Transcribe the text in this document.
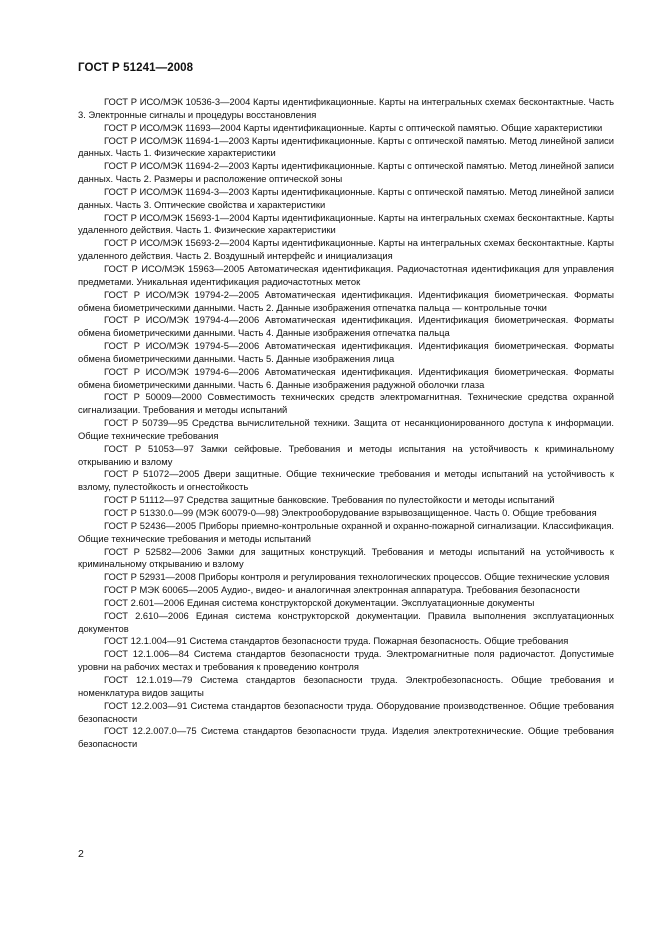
ГОСТ Р 51241—2008

ГОСТ Р ИСО/МЭК 10536-3—2004 Карты идентификационные. Карты на интегральных схемах бесконтактные. Часть 3. Электронные сигналы и процедуры восстановления

ГОСТ Р ИСО/МЭК 11693—2004 Карты идентификационные. Карты с оптической памятью. Общие характеристики

ГОСТ Р ИСО/МЭК 11694-1—2003 Карты идентификационные. Карты с оптической памятью. Метод линейной записи данных. Часть 1. Физические характеристики

ГОСТ Р ИСО/МЭК 11694-2—2003 Карты идентификационные. Карты с оптической памятью. Метод линейной записи данных. Часть 2. Размеры и расположение оптической зоны

ГОСТ Р ИСО/МЭК 11694-3—2003 Карты идентификационные. Карты с оптической памятью. Метод линейной записи данных. Часть 3. Оптические свойства и характеристики

ГОСТ Р ИСО/МЭК 15693-1—2004 Карты идентификационные. Карты на интегральных схемах бесконтактные. Карты удаленного действия. Часть 1. Физические характеристики

ГОСТ Р ИСО/МЭК 15693-2—2004 Карты идентификационные. Карты на интегральных схемах бесконтактные. Карты удаленного действия. Часть 2. Воздушный интерфейс и инициализация

ГОСТ Р ИСО/МЭК 15963—2005 Автоматическая идентификация. Радиочастотная идентификация для управления предметами. Уникальная идентификация радиочастотных меток

ГОСТ Р ИСО/МЭК 19794-2—2005 Автоматическая идентификация. Идентификация биометрическая. Форматы обмена биометрическими данными. Часть 2. Данные изображения отпечатка пальца — контрольные точки

ГОСТ Р ИСО/МЭК 19794-4—2006 Автоматическая идентификация. Идентификация биометрическая. Форматы обмена биометрическими данными. Часть 4. Данные изображения отпечатка пальца

ГОСТ Р ИСО/МЭК 19794-5—2006 Автоматическая идентификация. Идентификация биометрическая. Форматы обмена биометрическими данными. Часть 5. Данные изображения лица

ГОСТ Р ИСО/МЭК 19794-6—2006 Автоматическая идентификация. Идентификация биометрическая. Форматы обмена биометрическими данными. Часть 6. Данные изображения радужной оболочки глаза

ГОСТ Р 50009—2000 Совместимость технических средств электромагнитная. Технические средства охранной сигнализации. Требования и методы испытаний

ГОСТ Р 50739—95 Средства вычислительной техники. Защита от несанкционированного доступа к информации. Общие технические требования

ГОСТ Р 51053—97 Замки сейфовые. Требования и методы испытания на устойчивость к криминальному открыванию и взлому

ГОСТ Р 51072—2005 Двери защитные. Общие технические требования и методы испытаний на устойчивость к взлому, пулестойкость и огнестойкость

ГОСТ Р 51112—97 Средства защитные банковские. Требования по пулестойкости и методы испытаний

ГОСТ Р 51330.0—99 (МЭК 60079-0—98) Электрооборудование взрывозащищенное. Часть 0. Общие требования

ГОСТ Р 52436—2005 Приборы приемно-контрольные охранной и охранно-пожарной сигнализации. Классификация. Общие технические требования и методы испытаний

ГОСТ Р 52582—2006 Замки для защитных конструкций. Требования и методы испытаний на устойчивость к криминальному открыванию и взлому

ГОСТ Р 52931—2008 Приборы контроля и регулирования технологических процессов. Общие технические условия

ГОСТ Р МЭК 60065—2005 Аудио-, видео- и аналогичная электронная аппаратура. Требования безопасности

ГОСТ 2.601—2006 Единая система конструкторской документации. Эксплуатационные документы

ГОСТ 2.610—2006 Единая система конструкторской документации. Правила выполнения эксплуатационных документов

ГОСТ 12.1.004—91 Система стандартов безопасности труда. Пожарная безопасность. Общие требования

ГОСТ 12.1.006—84 Система стандартов безопасности труда. Электромагнитные поля радиочастот. Допустимые уровни на рабочих местах и требования к проведению контроля

ГОСТ 12.1.019—79 Система стандартов безопасности труда. Электробезопасность. Общие требования и номенклатура видов защиты

ГОСТ 12.2.003—91 Система стандартов безопасности труда. Оборудование производственное. Общие требования безопасности

ГОСТ 12.2.007.0—75 Система стандартов безопасности труда. Изделия электротехнические. Общие требования безопасности

2
